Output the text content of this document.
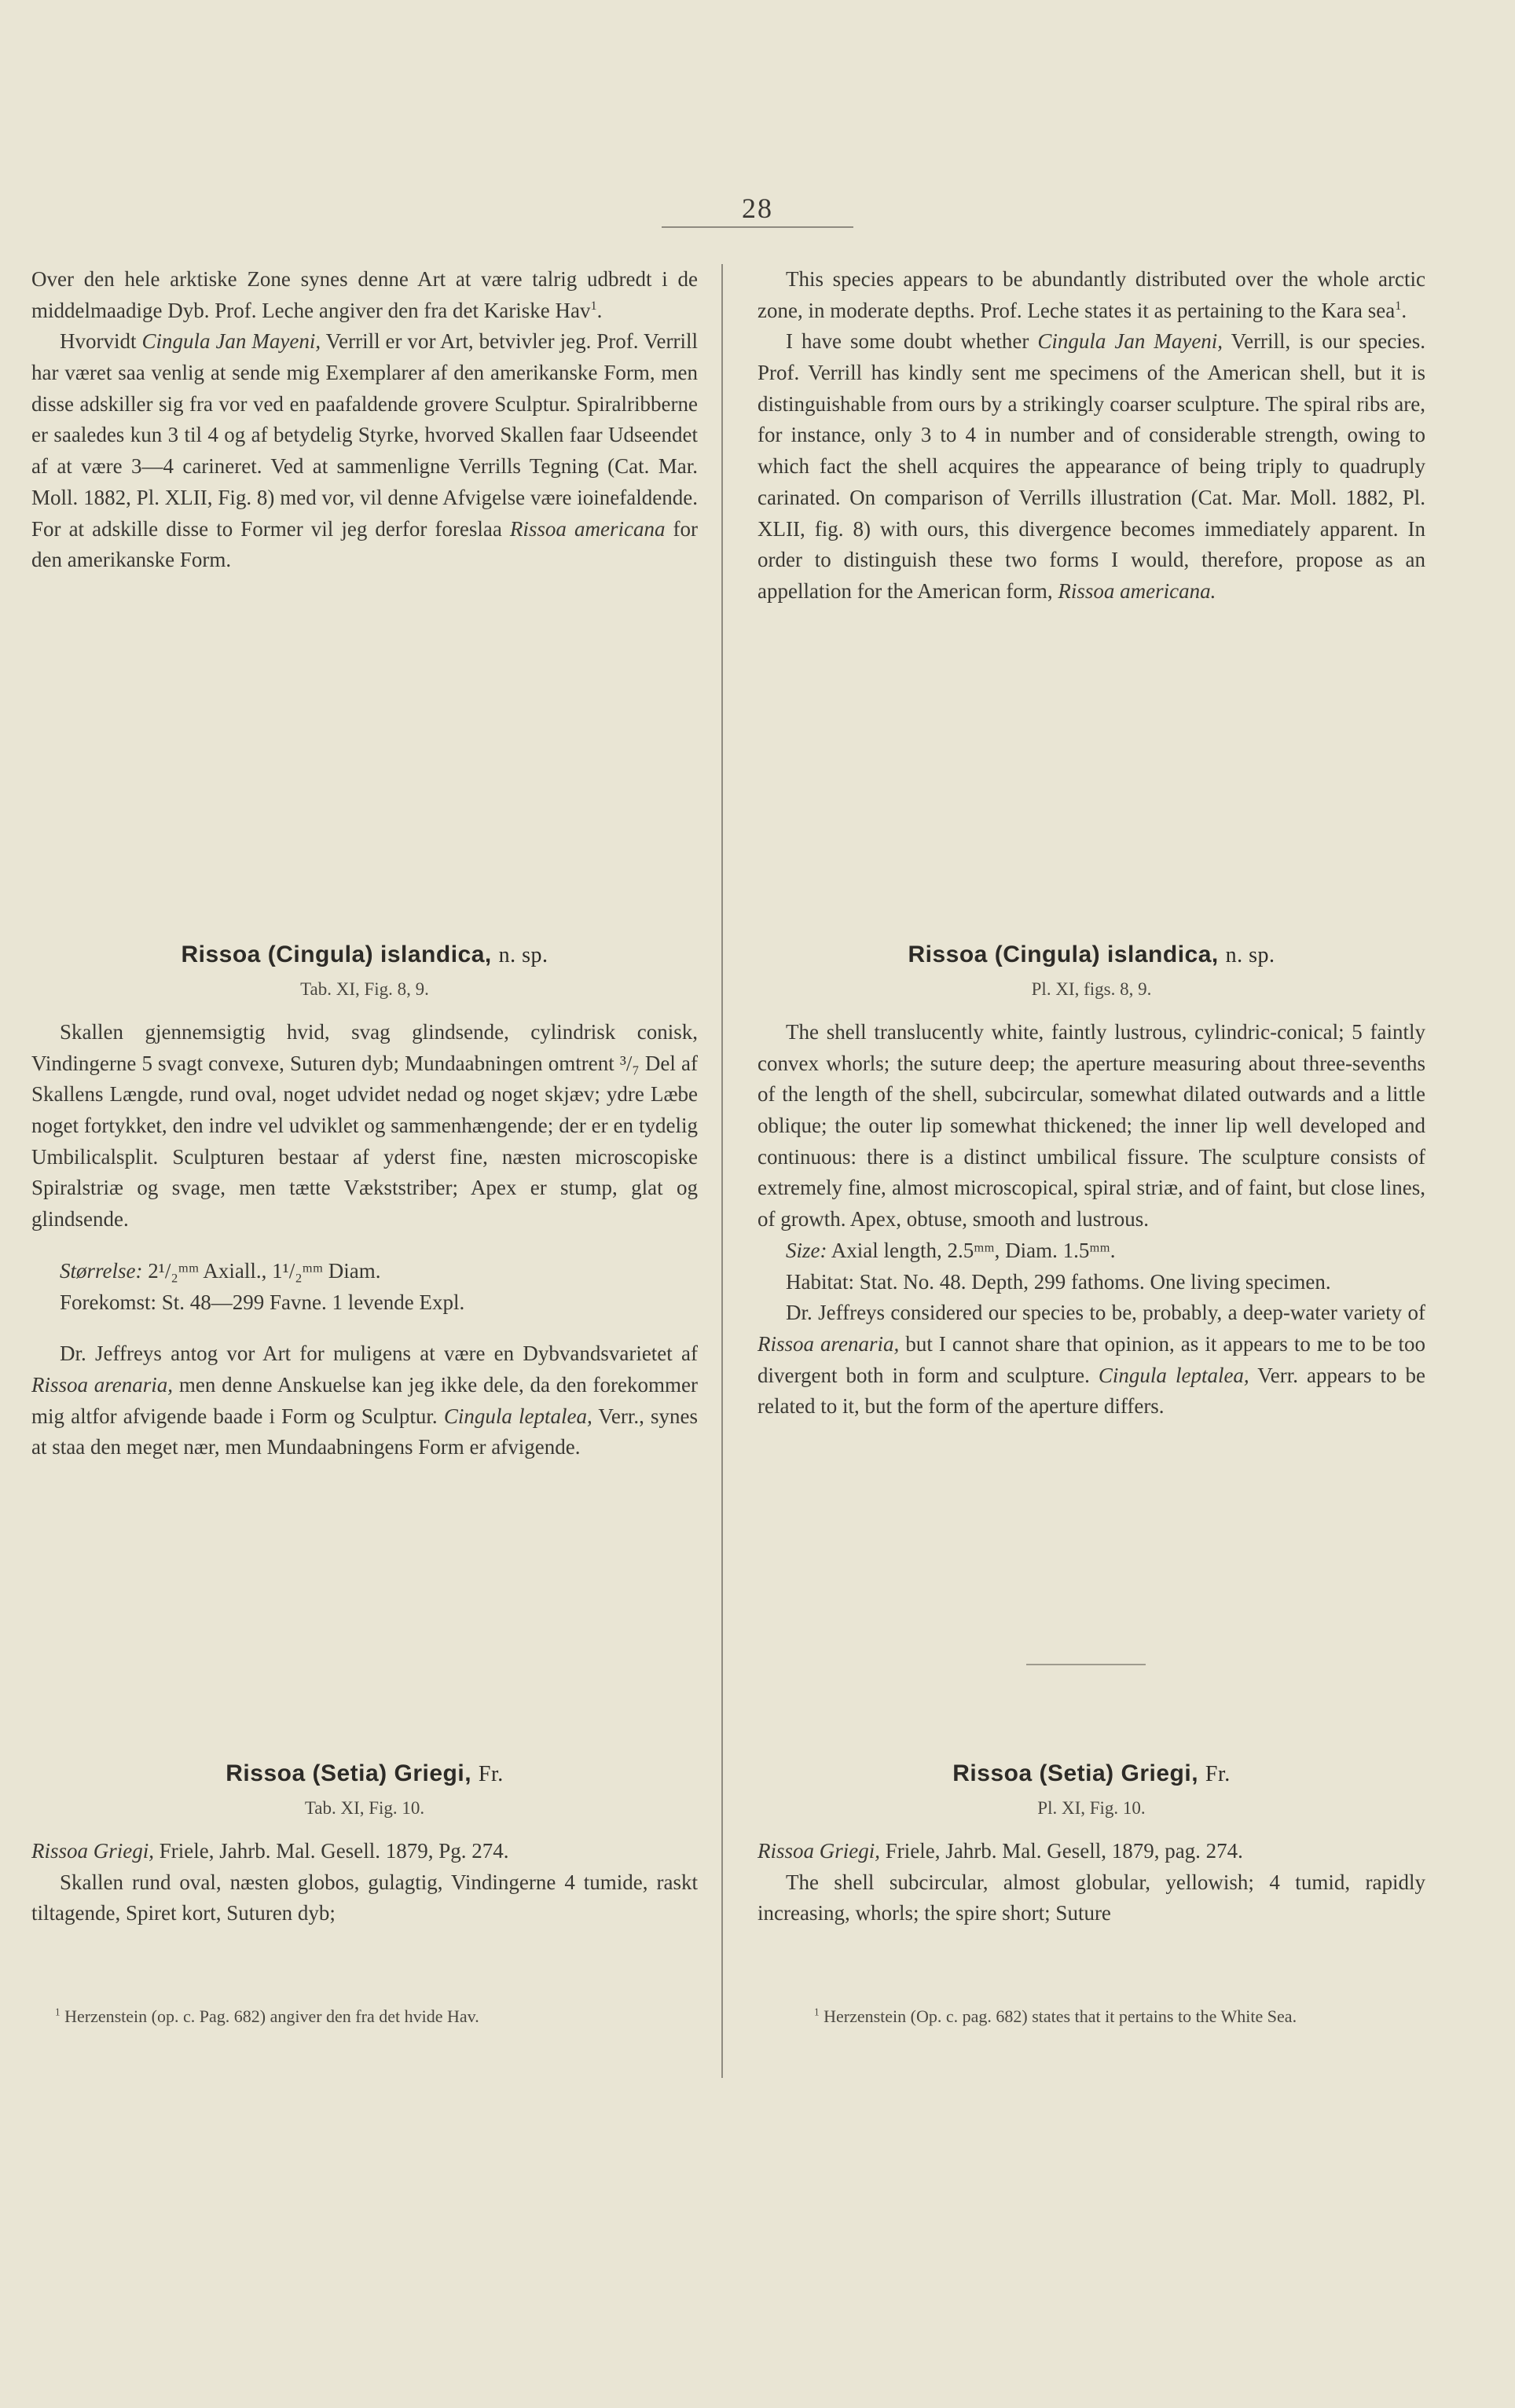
28

Over den hele arktiske Zone synes denne Art at være talrig udbredt i de middelmaadige Dyb. Prof. Leche angiver den fra det Kariske Hav$^1$.

Hvorvidt Cingula Jan Mayeni, Verrill er vor Art, betvivler jeg. Prof. Verrill har været saa venlig at sende mig Exemplarer af den amerikanske Form, men disse adskiller sig fra vor ved en paafaldende grovere Sculptur. Spiralribberne er saaledes kun 3 til 4 og af betydelig Styrke, hvorved Skallen faar Udseendet af at være 3—4 carineret. Ved at sammenligne Verrills Tegning (Cat. Mar. Moll. 1882, Pl. XLII, Fig. 8) med vor, vil denne Afvigelse være ioinefaldende. For at adskille disse to Former vil jeg derfor foreslaa Rissoa americana for den amerikanske Form.

This species appears to be abundantly distributed over the whole arctic zone, in moderate depths. Prof. Leche states it as pertaining to the Kara sea$^1$.

I have some doubt whether Cingula Jan Mayeni, Verrill, is our species. Prof. Verrill has kindly sent me specimens of the American shell, but it is distinguishable from ours by a strikingly coarser sculpture. The spiral ribs are, for instance, only 3 to 4 in number and of considerable strength, owing to which fact the shell acquires the appearance of being triply to quadruply carinated. On comparison of Verrills illustration (Cat. Mar. Moll. 1882, Pl. XLII, fig. 8) with ours, this divergence becomes immediately apparent. In order to distinguish these two forms I would, therefore, propose as an appellation for the American form, Rissoa americana.

Rissoa (Cingula) islandica, n. sp.
Tab. XI, Fig. 8, 9.

Skallen gjennemsigtig hvid, svag glindsende, cylindrisk conisk, Vindingerne 5 svagt convexe, Suturen dyb; Mundaabningen omtrent ³/₇ Del af Skallens Længde, rund oval, noget udvidet nedad og noget skjæv; ydre Læbe noget fortykket, den indre vel udviklet og sammenhængende; der er en tydelig Umbilicalsplit. Sculpturen bestaar af yderst fine, næsten microscopiske Spiralstriæ og svage, men tætte Vækststriber; Apex er stump, glat og glindsende.

Størrelse: 2¹/₂ᵐᵐ Axiall., 1¹/₂ᵐᵐ Diam.

Forekomst: St. 48—299 Favne. 1 levende Expl.

Dr. Jeffreys antog vor Art for muligens at være en Dybvandsvarietet af Rissoa arenaria, men denne Anskuelse kan jeg ikke dele, da den forekommer mig altfor afvigende baade i Form og Sculptur. Cingula leptalea, Verr., synes at staa den meget nær, men Mundaabningens Form er afvigende.

Rissoa (Cingula) islandica, n. sp.
Pl. XI, figs. 8, 9.

The shell translucently white, faintly lustrous, cylindric-conical; 5 faintly convex whorls; the suture deep; the aperture measuring about three-sevenths of the length of the shell, subcircular, somewhat dilated outwards and a little oblique; the outer lip somewhat thickened; the inner lip well developed and continuous: there is a distinct umbilical fissure. The sculpture consists of extremely fine, almost microscopical, spiral striæ, and of faint, but close lines, of growth. Apex, obtuse, smooth and lustrous.

Size: Axial length, 2.5ᵐᵐ, Diam. 1.5ᵐᵐ.

Habitat: Stat. No. 48. Depth, 299 fathoms. One living specimen.

Dr. Jeffreys considered our species to be, probably, a deep-water variety of Rissoa arenaria, but I cannot share that opinion, as it appears to me to be too divergent both in form and sculpture. Cingula leptalea, Verr. appears to be related to it, but the form of the aperture differs.

Rissoa (Setia) Griegi, Fr.
Tab. XI, Fig. 10.

Rissoa Griegi, Friele, Jahrb. Mal. Gesell. 1879, Pg. 274.

Skallen rund oval, næsten globos, gulagtig, Vindingerne 4 tumide, raskt tiltagende, Spiret kort, Suturen dyb;

Rissoa (Setia) Griegi, Fr.
Pl. XI, Fig. 10.

Rissoa Griegi, Friele, Jahrb. Mal. Gesell, 1879, pag. 274.

The shell subcircular, almost globular, yellowish; 4 tumid, rapidly increasing, whorls; the spire short; Suture

$^1$ Herzenstein (op. c. Pag. 682) angiver den fra det hvide Hav.	$^1$ Herzenstein (Op. c. pag. 682) states that it pertains to the White Sea.
